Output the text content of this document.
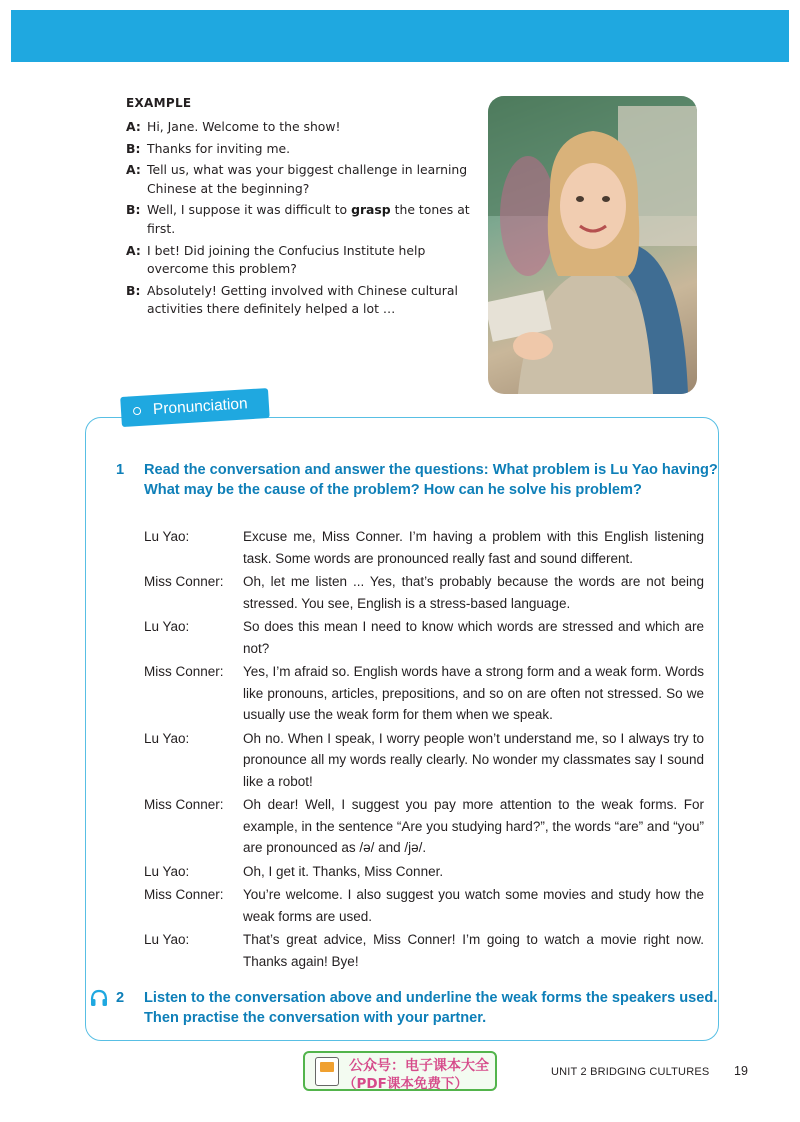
EXAMPLE
A: Hi, Jane. Welcome to the show!
B: Thanks for inviting me.
A: Tell us, what was your biggest challenge in learning Chinese at the beginning?
B: Well, I suppose it was difficult to grasp the tones at first.
A: I bet! Did joining the Confucius Institute help overcome this problem?
B: Absolutely! Getting involved with Chinese cultural activities there definitely helped a lot …
Pronunciation
1	Read the conversation and answer the questions: What problem is Lu Yao having? What may be the cause of the problem? How can he solve his problem?
Lu Yao:	Excuse me, Miss Conner. I’m having a problem with this English listening task. Some words are pronounced really fast and sound different.
Miss Conner:	Oh, let me listen ... Yes, that’s probably because the words are not being stressed. You see, English is a stress-based language.
Lu Yao:	So does this mean I need to know which words are stressed and which are not?
Miss Conner:	Yes, I’m afraid so. English words have a strong form and a weak form. Words like pronouns, articles, prepositions, and so on are often not stressed. So we usually use the weak form for them when we speak.
Lu Yao:	Oh no. When I speak, I worry people won’t understand me, so I always try to pronounce all my words really clearly. No wonder my classmates say I sound like a robot!
Miss Conner:	Oh dear! Well, I suggest you pay more attention to the weak forms. For example, in the sentence “Are you studying hard?”, the words “are” and “you” are pronounced as /ə/ and /jə/.
Lu Yao:	Oh, I get it. Thanks, Miss Conner.
Miss Conner:	You’re welcome. I also suggest you watch some movies and study how the weak forms are used.
Lu Yao:	That’s great advice, Miss Conner! I’m going to watch a movie right now. Thanks again! Bye!
2	Listen to the conversation above and underline the weak forms the speakers used. Then practise the conversation with your partner.
公众号：电子课本大全
（PDF课本免费下）
UNIT 2 BRIDGING CULTURES 19
